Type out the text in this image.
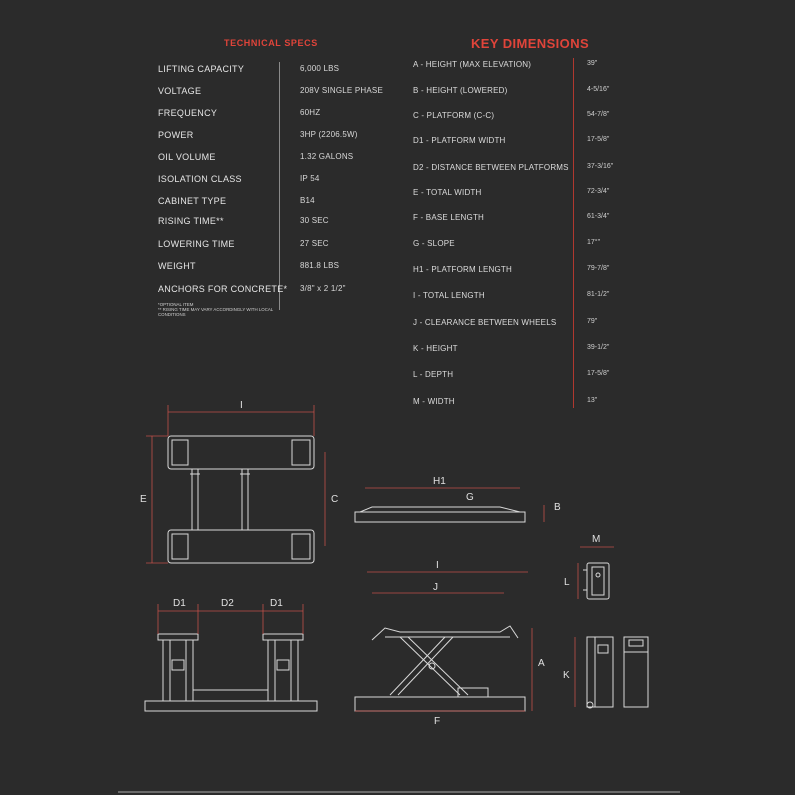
TECHNICAL SPECS
LIFTING CAPACITY	6,000 LBS
VOLTAGE	208V SINGLE PHASE
FREQUENCY	60HZ
POWER	3HP (2206.5W)
OIL VOLUME	1.32 GALONS
ISOLATION CLASS	IP 54
CABINET TYPE	B14
RISING TIME**	30 SEC
LOWERING TIME	27 SEC
WEIGHT	881.8 LBS
ANCHORS FOR CONCRETE* 3/8" x 2 1/2"
*OPTIONAL ITEM
** RISING TIME MAY VARY ACCORDINGLY WITH LOCAL CONDITIONS
KEY DIMENSIONS
A - HEIGHT (MAX ELEVATION)	39"
B - HEIGHT (LOWERED)	4-5/16"
C - PLATFORM (C-C)	54-7/8"
D1 - PLATFORM WIDTH	17-5/8"
D2 - DISTANCE BETWEEN PLATFORMS	37-3/16"
E - TOTAL WIDTH	72-3/4"
F - BASE LENGTH	61-3/4"
G - SLOPE	17°"
H1 - PLATFORM LENGTH	79-7/8"
I - TOTAL LENGTH	81-1/2"
J - CLEARANCE BETWEEN WHEELS	79"
K - HEIGHT	39-1/2"
L - DEPTH	17-5/8"
M - WIDTH	13"
I
E	C
H1
G
B
M
L
D1	D2	D1
I
J
A
K
F
